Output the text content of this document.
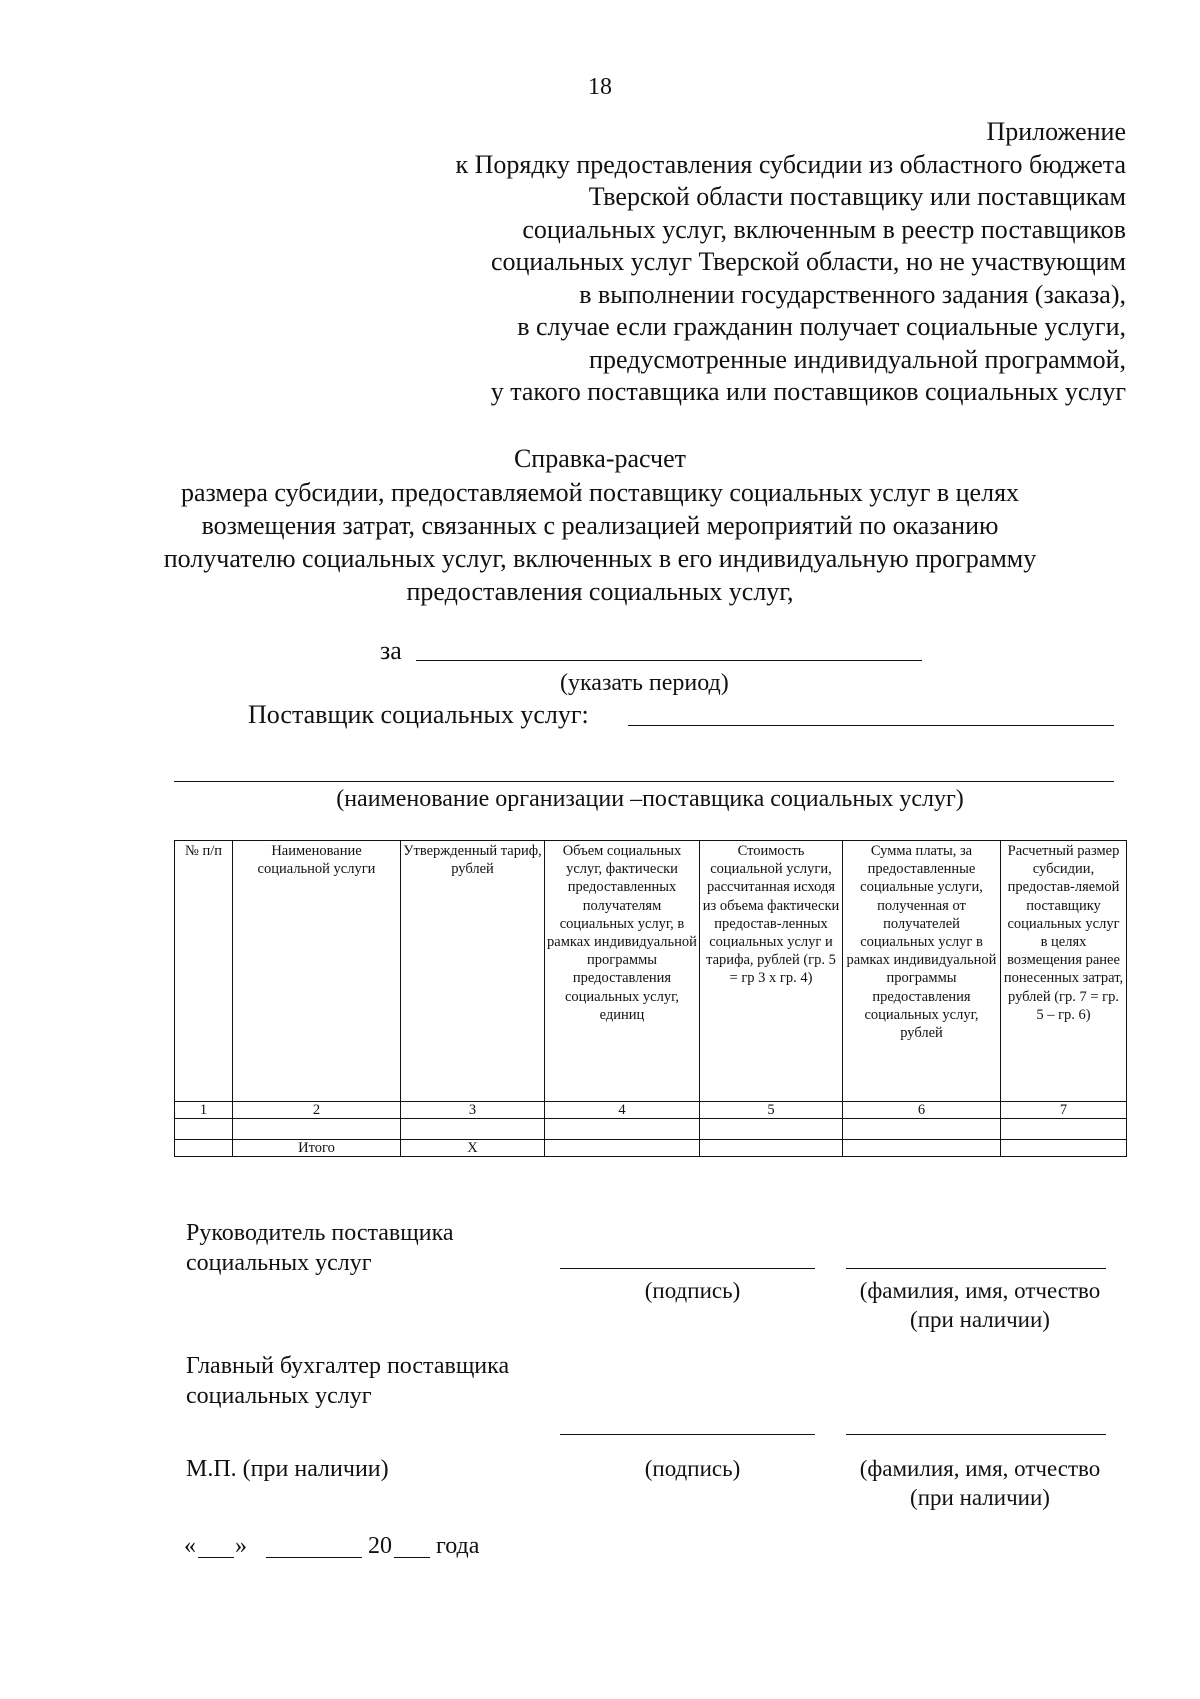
18
Приложение
к Порядку предоставления субсидии из областного бюджета
Тверской области поставщику или поставщикам
социальных услуг, включенным в реестр поставщиков
социальных услуг Тверской области, но не участвующим
в выполнении государственного задания (заказа),
в случае если гражданин получает социальные услуги,
предусмотренные индивидуальной программой,
у такого поставщика или поставщиков социальных услуг
Справка-расчет
размера субсидии, предоставляемой поставщику социальных услуг в целях возмещения затрат, связанных с реализацией мероприятий по оказанию получателю социальных услуг, включенных в его индивидуальную программу предоставления социальных услуг,
за
(указать период)
Поставщик социальных услуг:
(наименование организации –поставщика социальных услуг)
№ п/п	Наименование социальной услуги	Утвержденный тариф, рублей	Объем социальных услуг, фактически предоставленных получателям социальных услуг, в рамках индивидуальной программы предоставления социальных услуг, единиц	Стоимость социальной услуги, рассчитанная исходя из объема фактически предостав-ленных социальных услуг и тарифа, рублей (гр. 5 = гр 3 х гр. 4)	Сумма платы, за предоставленные социальные услуги, полученная от получателей социальных услуг в рамках индивидуальной программы предоставления социальных услуг, рублей	Расчетный размер субсидии, предостав-ляемой поставщику социальных услуг в целях возмещения ранее понесенных затрат, рублей (гр. 7 = гр. 5 – гр. 6)
1	2	3	4	5	6	7

	Итого	Х				
Руководитель поставщика социальных услуг
(подпись)	(фамилия, имя, отчество (при наличии)
Главный бухгалтер поставщика социальных услуг
М.П. (при наличии)	(подпись)	(фамилия, имя, отчество (при наличии)
« »	20 года
